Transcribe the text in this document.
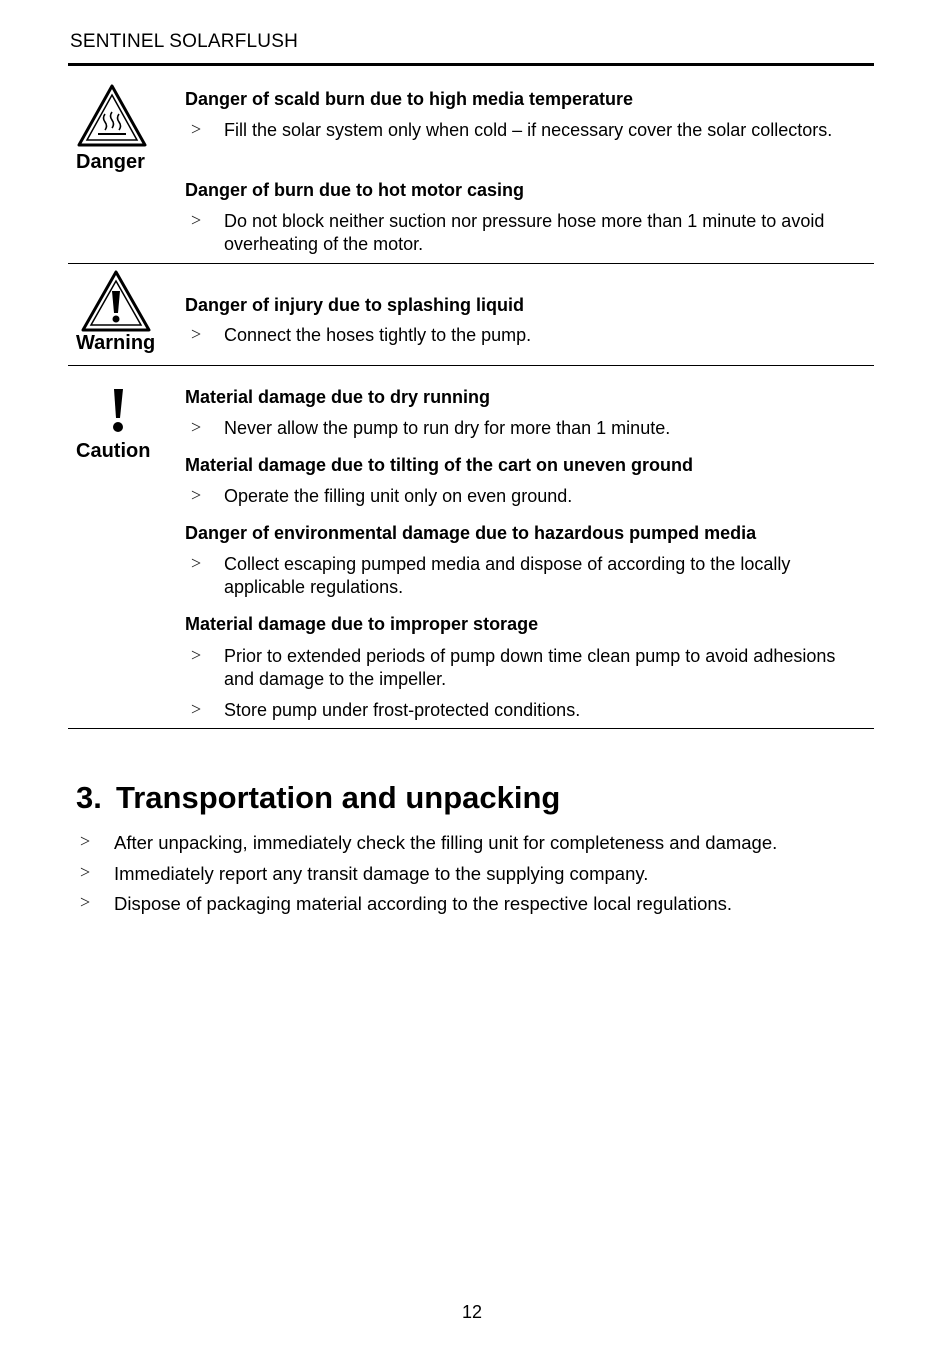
SENTINEL SOLARFLUSH
Danger
Danger of scald burn due to high media temperature
> Fill the solar system only when cold – if necessary cover the solar collectors.
Danger of burn due to hot motor casing
> Do not block neither suction nor pressure hose more than 1 minute to avoid overheating of the motor.
Warning
Danger of injury due to splashing liquid
> Connect the hoses tightly to the pump.
Caution
Material damage due to dry running
> Never allow the pump to run dry for more than 1 minute.
Material damage due to tilting of the cart on uneven ground
> Operate the filling unit only on even ground.
Danger of environmental damage due to hazardous pumped media
> Collect escaping pumped media and dispose of according to the locally applicable regulations.
Material damage due to improper storage
> Prior to extended periods of pump down time clean pump to avoid adhesions and damage to the impeller.
> Store pump under frost-protected conditions.
3. Transportation and unpacking
> After unpacking, immediately check the filling unit for completeness and damage.
> Immediately report any transit damage to the supplying company.
> Dispose of packaging material according to the respective local regulations.
12
